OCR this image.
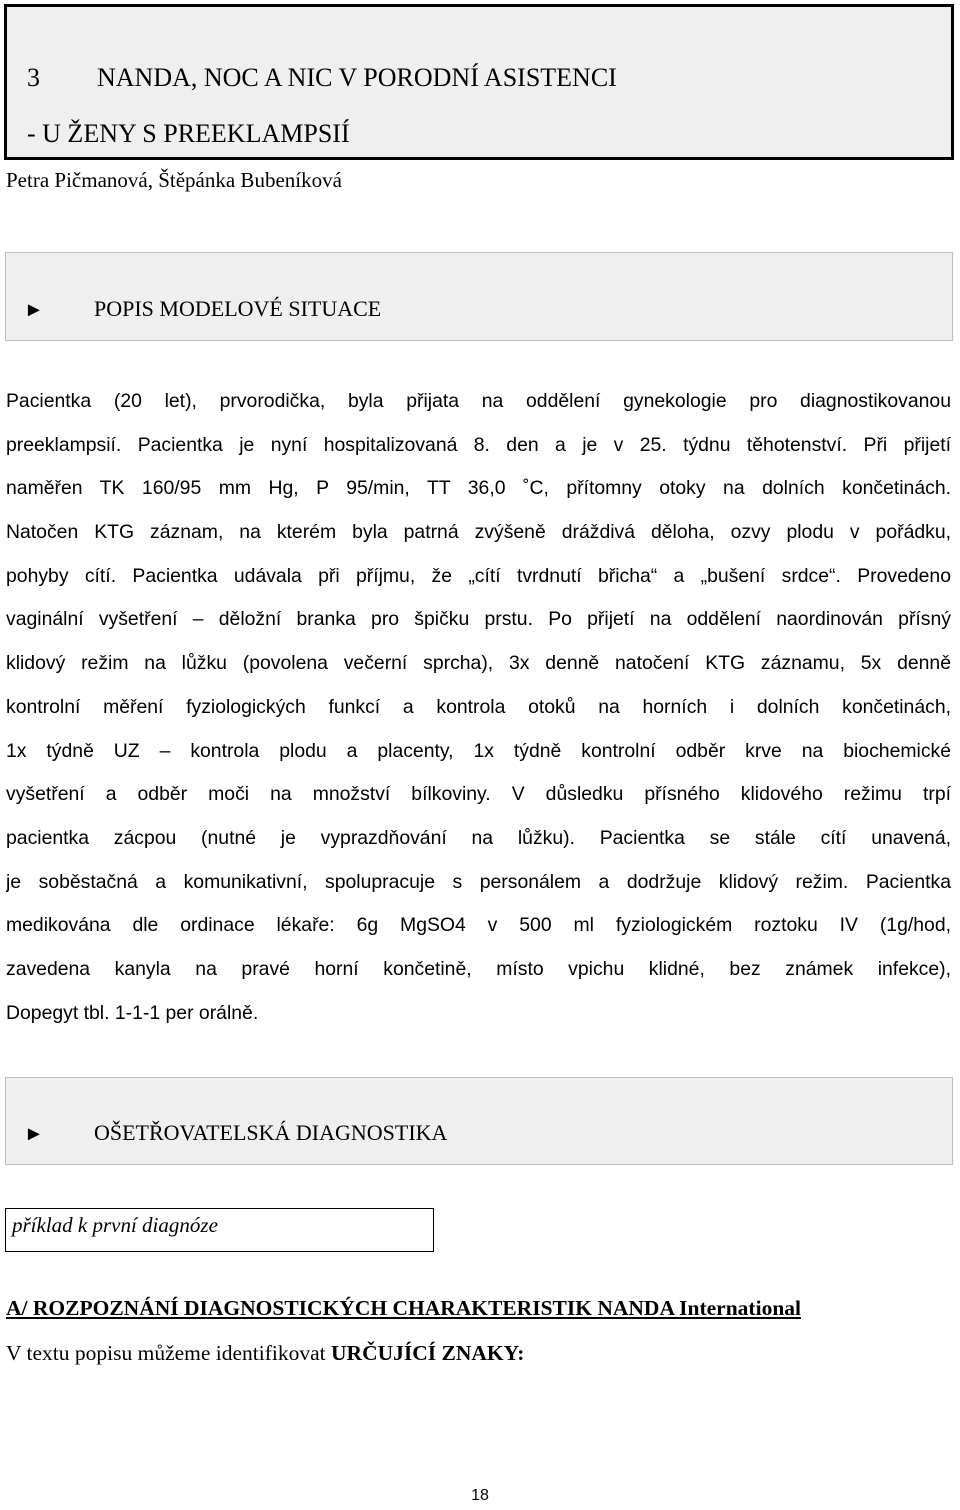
3 NANDA, NOC A NIC V PORODNÍ ASISTENCI
- U ŽENY S PREEKLAMPSIÍ
Petra Pičmanová, Štěpánka Bubeníková
► POPIS MODELOVÉ SITUACE
Pacientka (20 let), prvorodička, byla přijata na oddělení gynekologie pro diagnostikovanou
preeklampsií. Pacientka je nyní hospitalizovaná 8. den a je v 25. týdnu těhotenství. Při přijetí
naměřen TK 160/95 mm Hg, P 95/min, TT 36,0 ˚C, přítomny otoky na dolních končetinách.
Natočen KTG záznam, na kterém byla patrná zvýšeně dráždivá děloha, ozvy plodu v pořádku,
pohyby cítí. Pacientka udávala při příjmu, že „cítí tvrdnutí břicha“ a „bušení srdce“. Provedeno
vaginální vyšetření – děložní branka pro špičku prstu. Po přijetí na oddělení naordinován přísný
klidový režim na lůžku (povolena večerní sprcha), 3x denně natočení KTG záznamu, 5x denně
kontrolní měření fyziologických funkcí a kontrola otoků na horních i dolních končetinách,
1x týdně UZ – kontrola plodu a placenty, 1x týdně kontrolní odběr krve na biochemické
vyšetření a odběr moči na množství bílkoviny. V důsledku přísného klidového režimu trpí
pacientka zácpou (nutné je vyprazdňování na lůžku). Pacientka se stále cítí unavená,
je soběstačná a komunikativní, spolupracuje s personálem a dodržuje klidový režim. Pacientka
medikována dle ordinace lékaře: 6g MgSO4 v 500 ml fyziologickém roztoku IV (1g/hod,
zavedena kanyla na pravé horní končetině, místo vpichu klidné, bez známek infekce),
Dopegyt tbl. 1-1-1 per orálně.
► OŠETŘOVATELSKÁ DIAGNOSTIKA
příklad k první diagnóze
A/ ROZPOZNÁNÍ DIAGNOSTICKÝCH CHARAKTERISTIK NANDA International
V textu popisu můžeme identifikovat URČUJÍCÍ ZNAKY:
18
